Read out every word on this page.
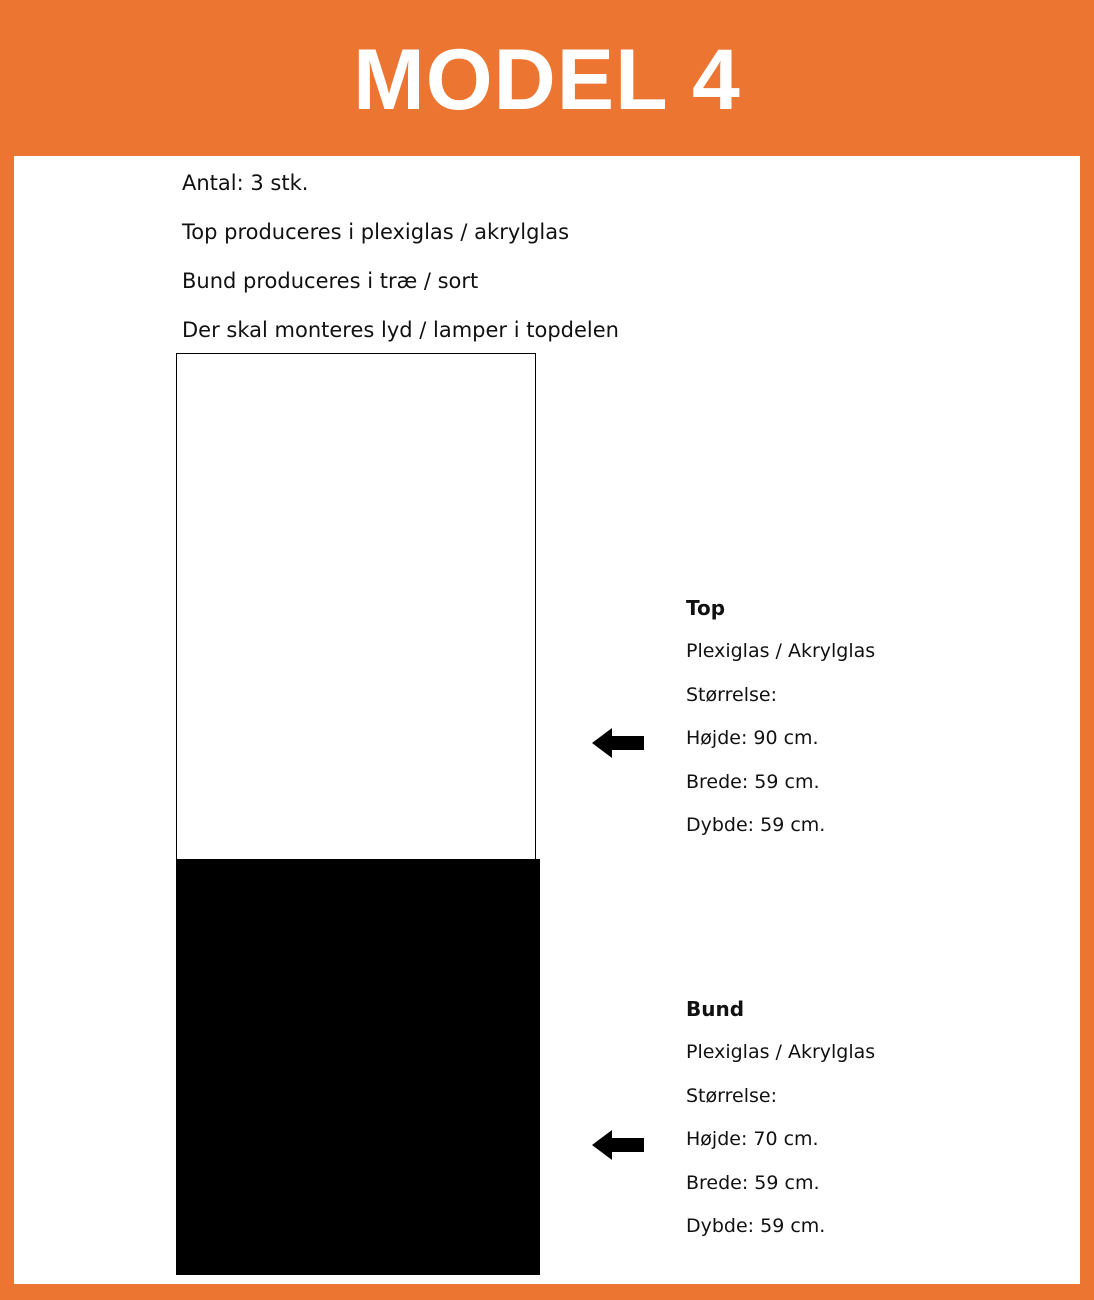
MODEL 4
Antal: 3 stk.
Top produceres i plexiglas / akrylglas
Bund produceres i træ / sort
Der skal monteres lyd / lamper i topdelen
Top
Plexiglas / Akrylglas
Størrelse:
Højde: 90 cm.
Brede: 59 cm.
Dybde: 59 cm.
Bund
Plexiglas / Akrylglas
Størrelse:
Højde: 70 cm.
Brede: 59 cm.
Dybde: 59 cm.
